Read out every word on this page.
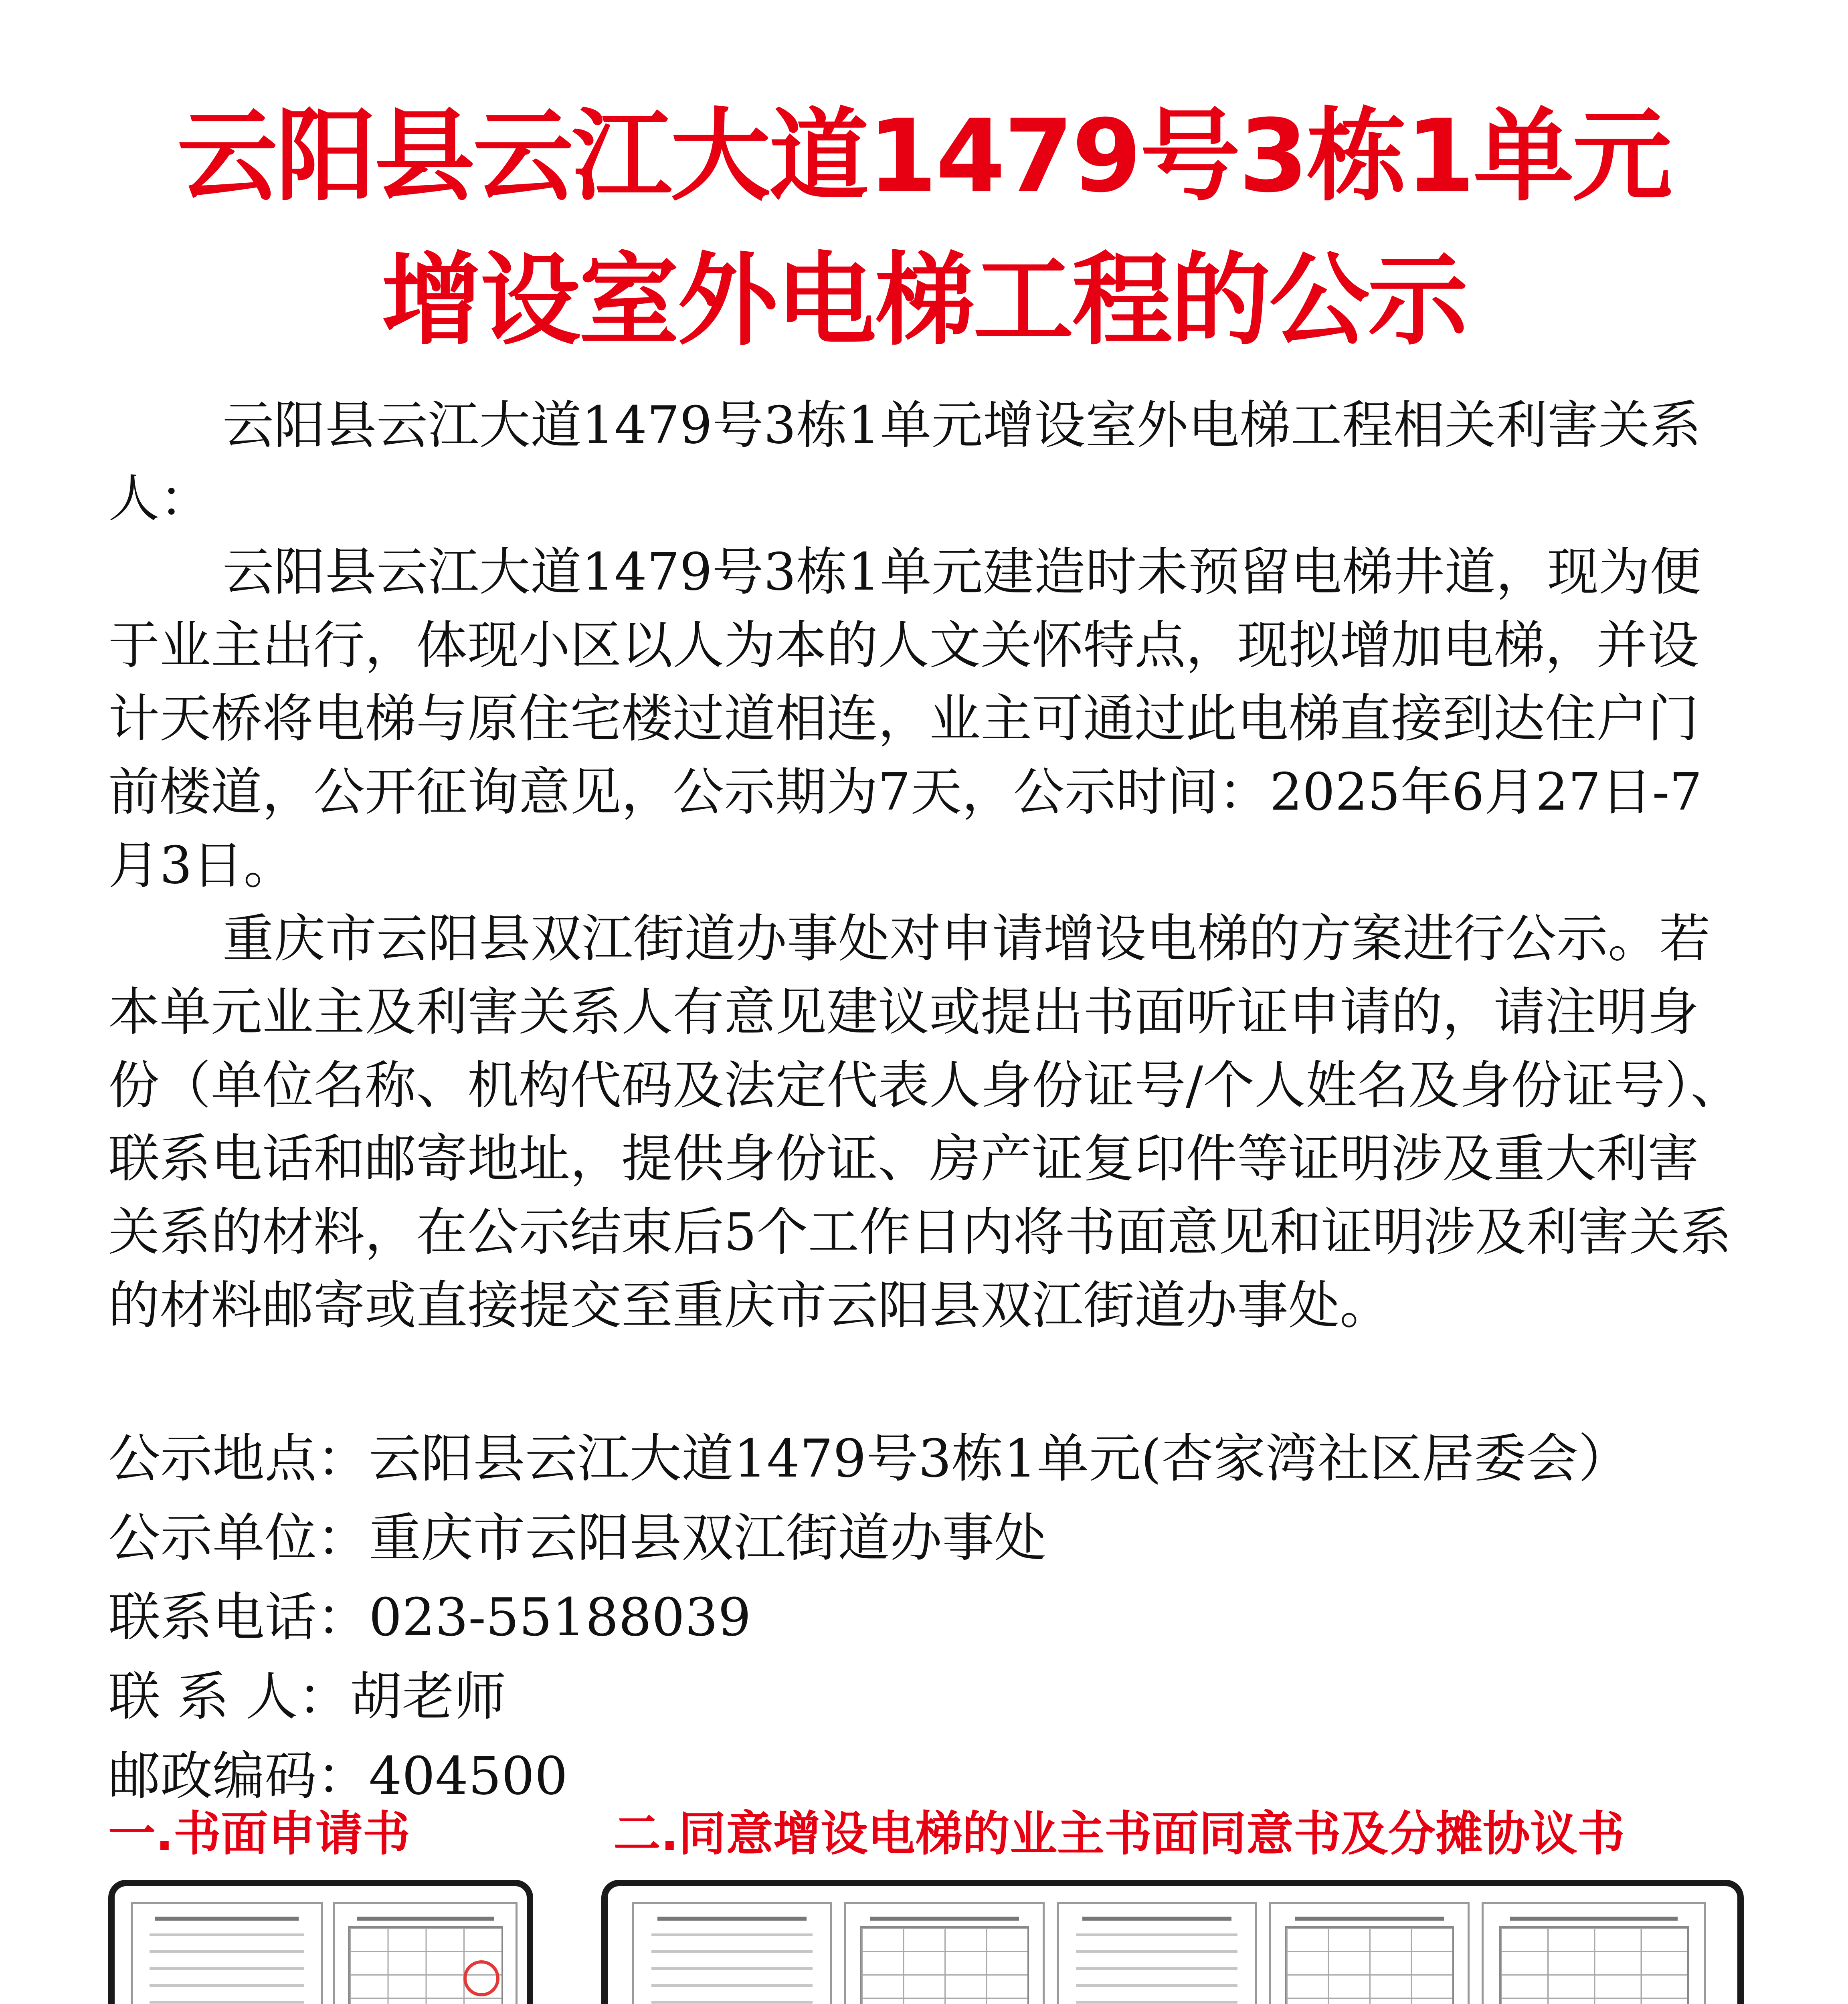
云阳县云江大道1479号3栋1单元
增设室外电梯工程的公示

云阳县云江大道1479号3栋1单元增设室外电梯工程相关利害关系人：

云阳县云江大道1479号3栋1单元建造时未预留电梯井道，现为便于业主出行，体现小区以人为本的人文关怀特点，现拟增加电梯，并设计天桥将电梯与原住宅楼过道相连，业主可通过此电梯直接到达住户门前楼道，公开征询意见，公示期为7天，公示时间：2025年6月27日-7月3日。

重庆市云阳县双江街道办事处对申请增设电梯的方案进行公示。若本单元业主及利害关系人有意见建议或提出书面听证申请的，请注明身份（单位名称、机构代码及法定代表人身份证号/个人姓名及身份证号）、联系电话和邮寄地址，提供身份证、房产证复印件等证明涉及重大利害关系的材料，在公示结束后5个工作日内将书面意见和证明涉及利害关系的材料邮寄或直接提交至重庆市云阳县双江街道办事处。

公示地点：云阳县云江大道1479号3栋1单元(杏家湾社区居委会）

公示单位：重庆市云阳县双江街道办事处

联系电话：023-55188039

联 系 人：胡老师

邮政编码：404500

一.书面申请书	二.同意增设电梯的业主书面同意书及分摊协议书
